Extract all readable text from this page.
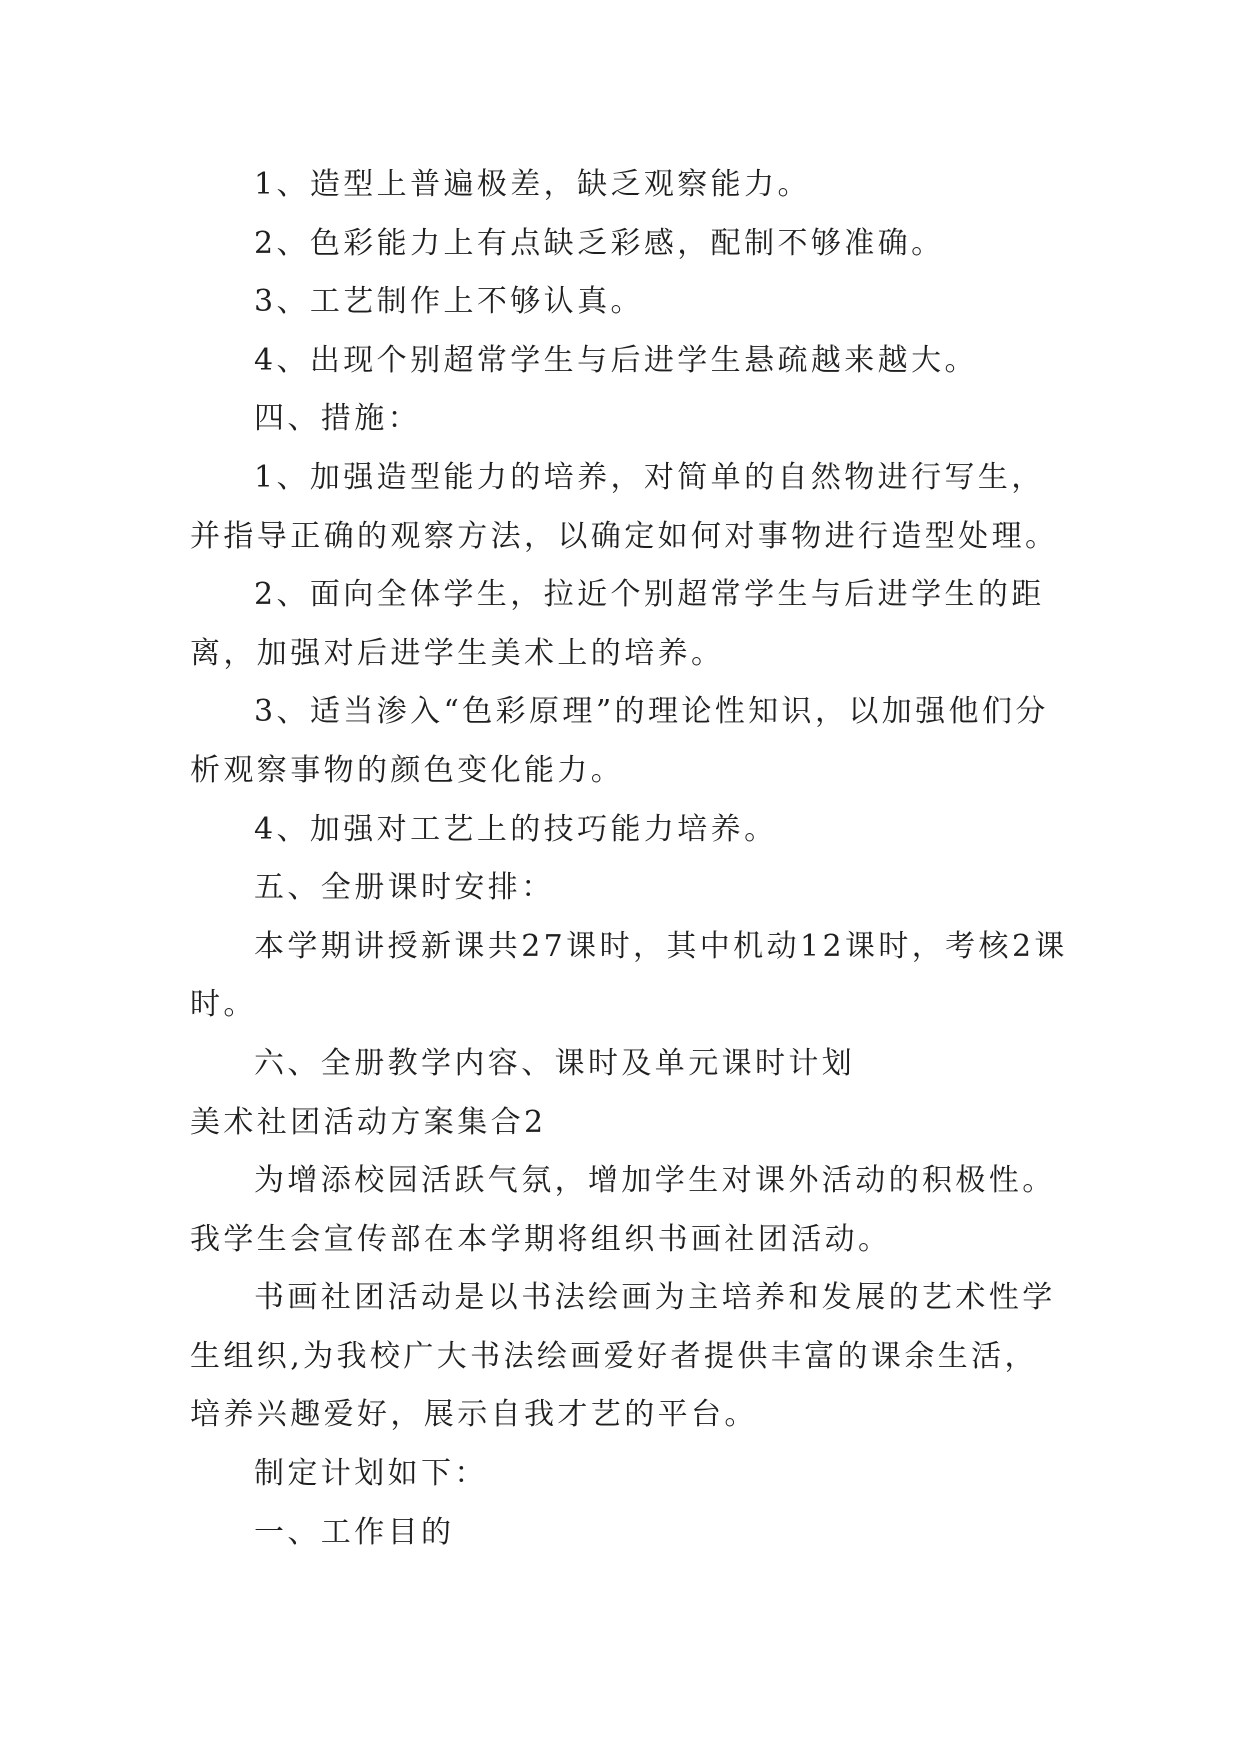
1、造型上普遍极差，缺乏观察能力。

2、色彩能力上有点缺乏彩感，配制不够准确。

3、工艺制作上不够认真。

4、出现个别超常学生与后进学生悬疏越来越大。

四、措施：

1、加强造型能力的培养，对简单的自然物进行写生，并指导正确的观察方法，以确定如何对事物进行造型处理。

2、面向全体学生，拉近个别超常学生与后进学生的距离，加强对后进学生美术上的培养。

3、适当渗入“色彩原理”的理论性知识，以加强他们分析观察事物的颜色变化能力。

4、加强对工艺上的技巧能力培养。

五、全册课时安排：

本学期讲授新课共27课时，其中机动12课时，考核2课时。

六、全册教学内容、课时及单元课时计划

美术社团活动方案集合2

为增添校园活跃气氛，增加学生对课外活动的积极性。我学生会宣传部在本学期将组织书画社团活动。

书画社团活动是以书法绘画为主培养和发展的艺术性学生组织,为我校广大书法绘画爱好者提供丰富的课余生活，培养兴趣爱好，展示自我才艺的平台。

制定计划如下：

一、工作目的
